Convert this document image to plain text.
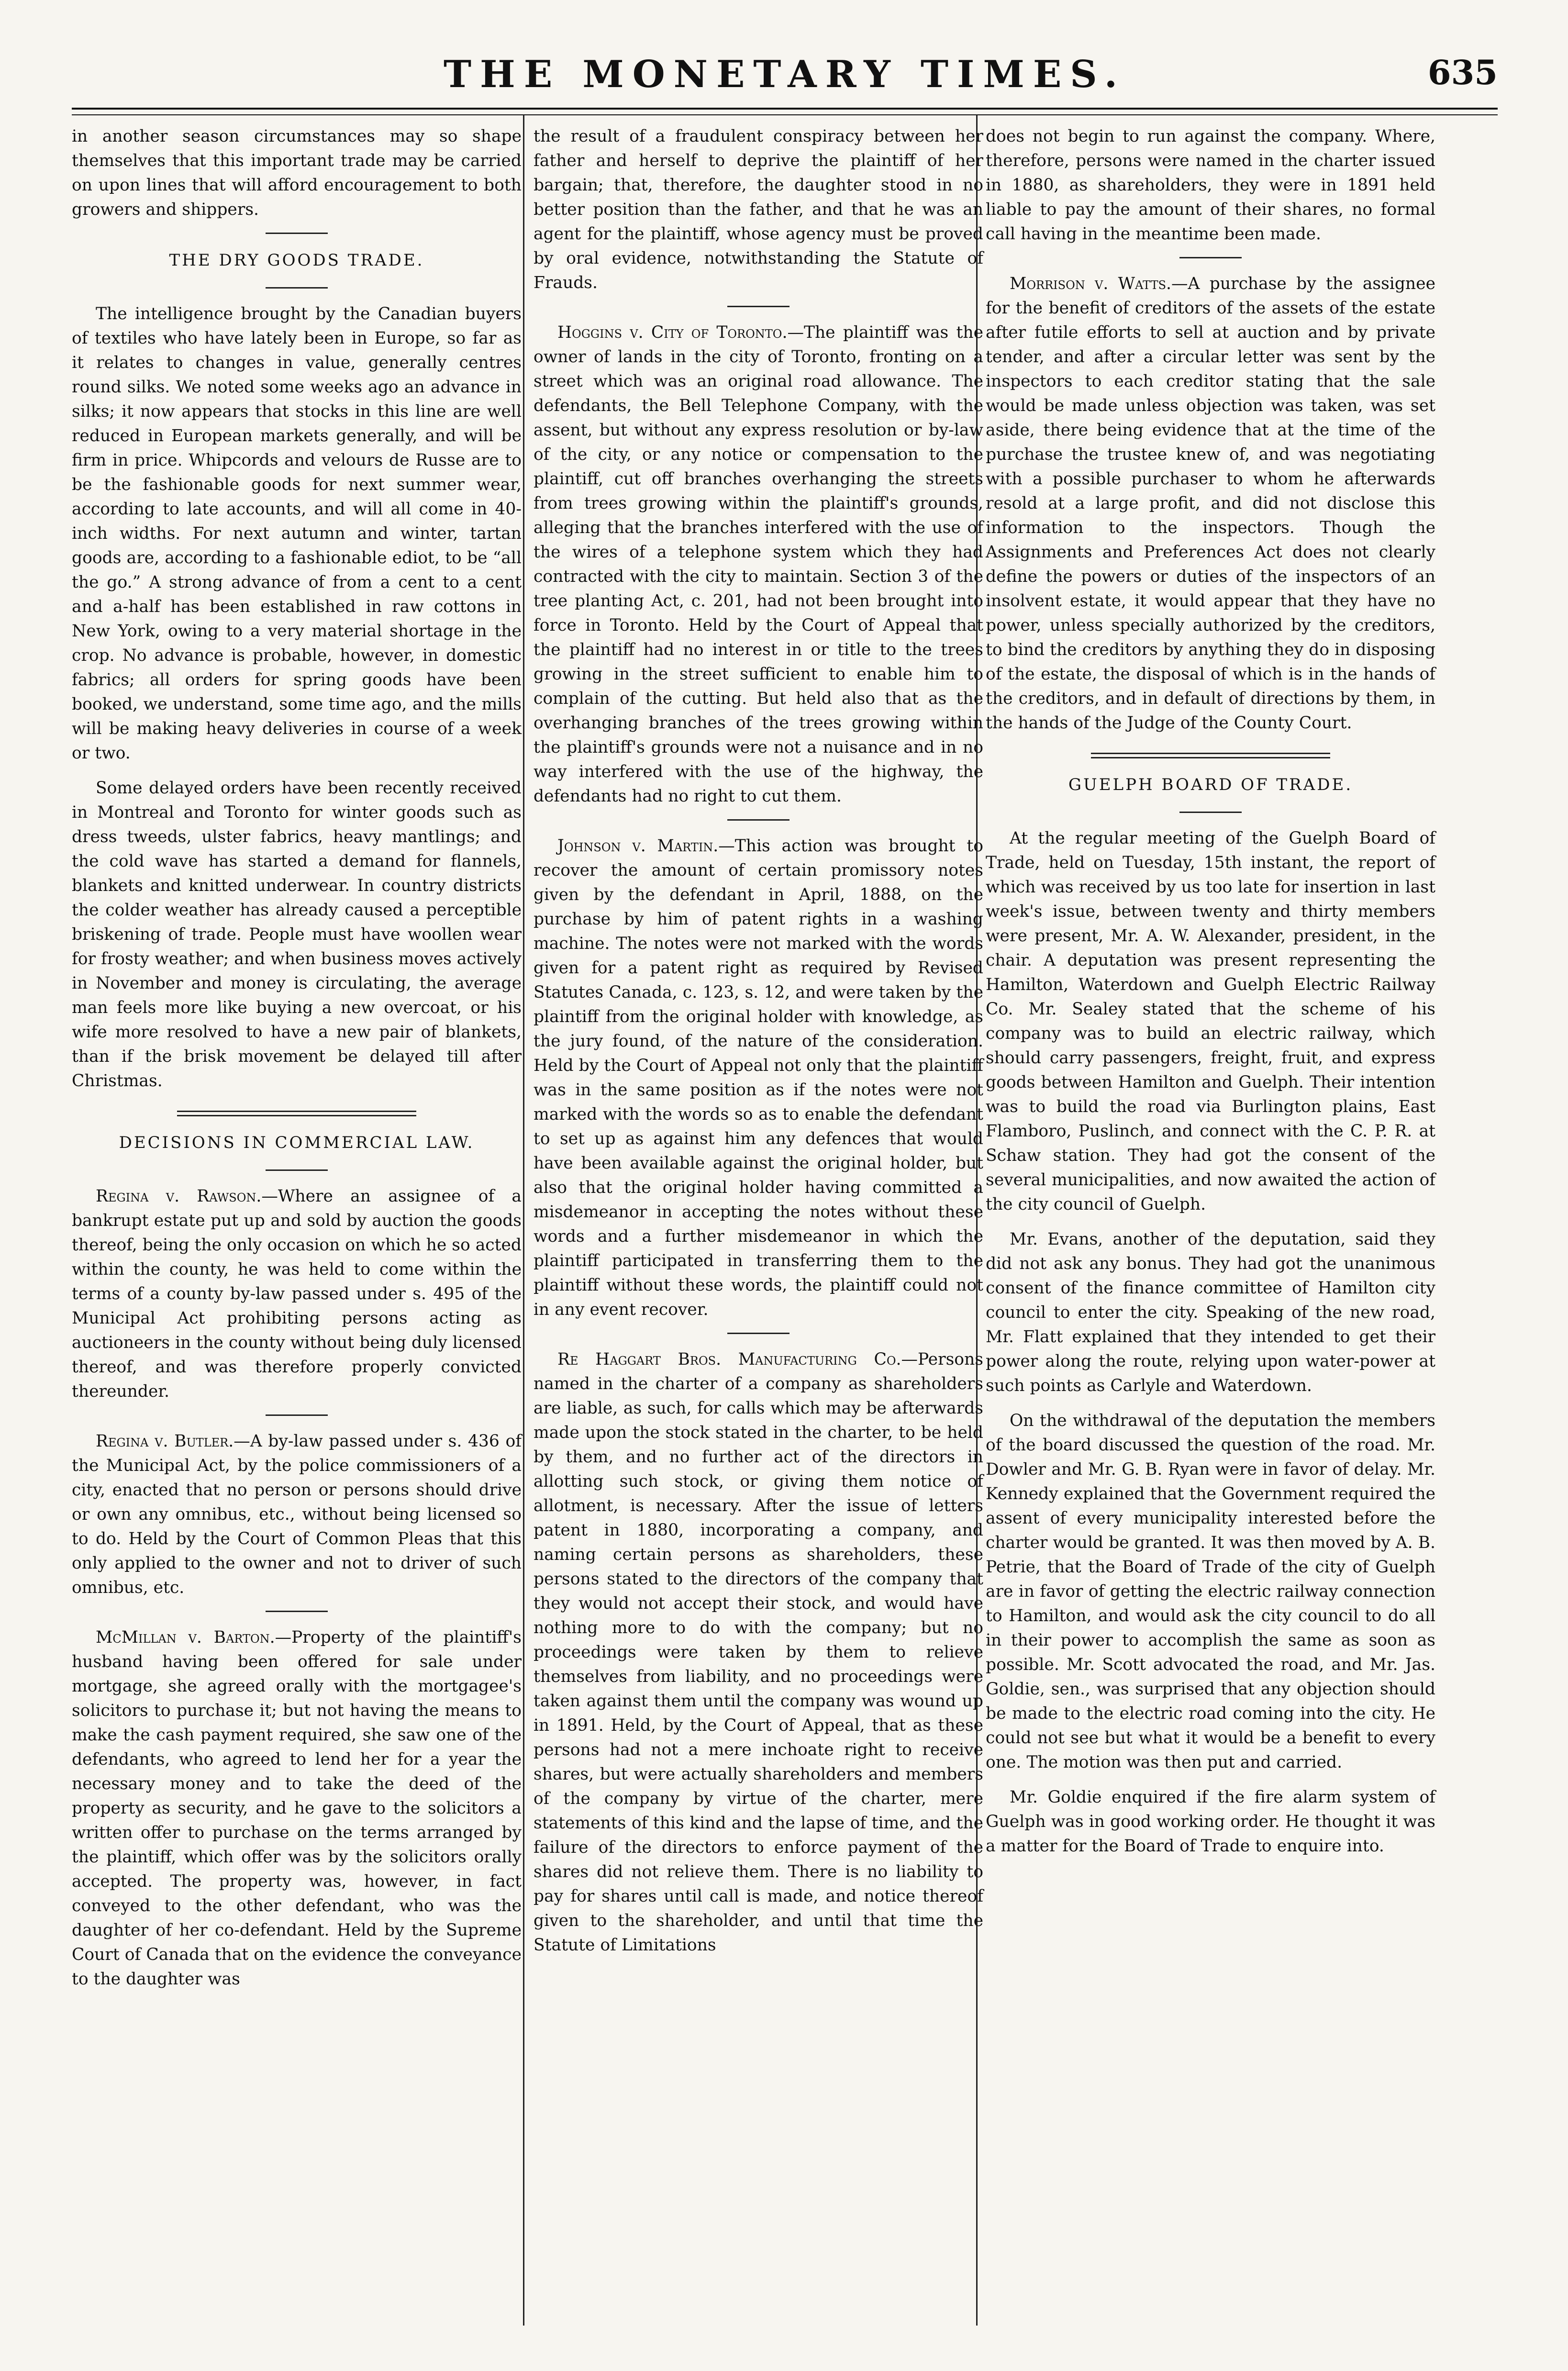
THE MONETARY TIMES.	635

in another season circumstances may so shape themselves that this important trade may be carried on upon lines that will afford encouragement to both growers and shippers.

THE DRY GOODS TRADE.

The intelligence brought by the Canadian buyers of textiles who have lately been in Europe, so far as it relates to changes in value, generally centres round silks. We noted some weeks ago an advance in silks; it now appears that stocks in this line are well reduced in European markets generally, and will be firm in price. Whipcords and velours de Russe are to be the fashionable goods for next summer wear, according to late accounts, and will all come in 40-inch widths. For next autumn and winter, tartan goods are, according to a fashionable ediot, to be “all the go.” A strong advance of from a cent to a cent and a-half has been established in raw cottons in New York, owing to a very material shortage in the crop. No advance is probable, however, in domestic fabrics; all orders for spring goods have been booked, we understand, some time ago, and the mills will be making heavy deliveries in course of a week or two.

Some delayed orders have been recently received in Montreal and Toronto for winter goods such as dress tweeds, ulster fabrics, heavy mantlings; and the cold wave has started a demand for flannels, blankets and knitted underwear. In country districts the colder weather has already caused a perceptible briskening of trade. People must have woollen wear for frosty weather; and when business moves actively in November and money is circulating, the average man feels more like buying a new overcoat, or his wife more resolved to have a new pair of blankets, than if the brisk movement be delayed till after Christmas.

DECISIONS IN COMMERCIAL LAW.

Regina v. Rawson.—Where an assignee of a bankrupt estate put up and sold by auction the goods thereof, being the only occasion on which he so acted within the county, he was held to come within the terms of a county by-law passed under s. 495 of the Municipal Act prohibiting persons acting as auctioneers in the county without being duly licensed thereof, and was therefore properly convicted thereunder.

Regina v. Butler.—A by-law passed under s. 436 of the Municipal Act, by the police commissioners of a city, enacted that no person or persons should drive or own any omnibus, etc., without being licensed so to do. Held by the Court of Common Pleas that this only applied to the owner and not to driver of such omnibus, etc.

McMillan v. Barton.—Property of the plaintiff's husband having been offered for sale under mortgage, she agreed orally with the mortgagee's solicitors to purchase it; but not having the means to make the cash payment required, she saw one of the defendants, who agreed to lend her for a year the necessary money and to take the deed of the property as security, and he gave to the solicitors a written offer to purchase on the terms arranged by the plaintiff, which offer was by the solicitors orally accepted. The property was, however, in fact conveyed to the other defendant, who was the daughter of her co-defendant. Held by the Supreme Court of Canada that on the evidence the conveyance to the daughter was

the result of a fraudulent conspiracy between her father and herself to deprive the plaintiff of her bargain; that, therefore, the daughter stood in no better position than the father, and that he was an agent for the plaintiff, whose agency must be proved by oral evidence, notwithstanding the Statute of Frauds.

Hoggins v. City of Toronto.—The plaintiff was the owner of lands in the city of Toronto, fronting on a street which was an original road allowance. The defendants, the Bell Telephone Company, with the assent, but without any express resolution or by-law of the city, or any notice or compensation to the plaintiff, cut off branches overhanging the streets from trees growing within the plaintiff's grounds, alleging that the branches interfered with the use of the wires of a telephone system which they had contracted with the city to maintain. Section 3 of the tree planting Act, c. 201, had not been brought into force in Toronto. Held by the Court of Appeal that the plaintiff had no interest in or title to the trees growing in the street sufficient to enable him to complain of the cutting. But held also that as the overhanging branches of the trees growing within the plaintiff's grounds were not a nuisance and in no way interfered with the use of the highway, the defendants had no right to cut them.

Johnson v. Martin.—This action was brought to recover the amount of certain promissory notes given by the defendant in April, 1888, on the purchase by him of patent rights in a washing machine. The notes were not marked with the words given for a patent right as required by Revised Statutes Canada, c. 123, s. 12, and were taken by the plaintiff from the original holder with knowledge, as the jury found, of the nature of the consideration. Held by the Court of Appeal not only that the plaintiff was in the same position as if the notes were not marked with the words so as to enable the defendant to set up as against him any defences that would have been available against the original holder, but also that the original holder having committed a misdemeanor in accepting the notes without these words and a further misdemeanor in which the plaintiff participated in transferring them to the plaintiff without these words, the plaintiff could not in any event recover.

Re Haggart Bros. Manufacturing Co.—Persons named in the charter of a company as shareholders are liable, as such, for calls which may be afterwards made upon the stock stated in the charter, to be held by them, and no further act of the directors in allotting such stock, or giving them notice of allotment, is necessary. After the issue of letters patent in 1880, incorporating a company, and naming certain persons as shareholders, these persons stated to the directors of the company that they would not accept their stock, and would have nothing more to do with the company; but no proceedings were taken by them to relieve themselves from liability, and no proceedings were taken against them until the company was wound up in 1891. Held, by the Court of Appeal, that as these persons had not a mere inchoate right to receive shares, but were actually shareholders and members of the company by virtue of the charter, mere statements of this kind and the lapse of time, and the failure of the directors to enforce payment of the shares did not relieve them. There is no liability to pay for shares until call is made, and notice thereof given to the shareholder, and until that time the Statute of Limitations

does not begin to run against the company. Where, therefore, persons were named in the charter issued in 1880, as shareholders, they were in 1891 held liable to pay the amount of their shares, no formal call having in the meantime been made.

Morrison v. Watts.—A purchase by the assignee for the benefit of creditors of the assets of the estate after futile efforts to sell at auction and by private tender, and after a circular letter was sent by the inspectors to each creditor stating that the sale would be made unless objection was taken, was set aside, there being evidence that at the time of the purchase the trustee knew of, and was negotiating with a possible purchaser to whom he afterwards resold at a large profit, and did not disclose this information to the inspectors. Though the Assignments and Preferences Act does not clearly define the powers or duties of the inspectors of an insolvent estate, it would appear that they have no power, unless specially authorized by the creditors, to bind the creditors by anything they do in disposing of the estate, the disposal of which is in the hands of the creditors, and in default of directions by them, in the hands of the Judge of the County Court.

GUELPH BOARD OF TRADE.

At the regular meeting of the Guelph Board of Trade, held on Tuesday, 15th instant, the report of which was received by us too late for insertion in last week's issue, between twenty and thirty members were present, Mr. A. W. Alexander, president, in the chair. A deputation was present representing the Hamilton, Waterdown and Guelph Electric Railway Co. Mr. Sealey stated that the scheme of his company was to build an electric railway, which should carry passengers, freight, fruit, and express goods between Hamilton and Guelph. Their intention was to build the road via Burlington plains, East Flamboro, Puslinch, and connect with the C. P. R. at Schaw station. They had got the consent of the several municipalities, and now awaited the action of the city council of Guelph.

Mr. Evans, another of the deputation, said they did not ask any bonus. They had got the unanimous consent of the finance committee of Hamilton city council to enter the city. Speaking of the new road, Mr. Flatt explained that they intended to get their power along the route, relying upon water-power at such points as Carlyle and Waterdown.

On the withdrawal of the deputation the members of the board discussed the question of the road. Mr. Dowler and Mr. G. B. Ryan were in favor of delay. Mr. Kennedy explained that the Government required the assent of every municipality interested before the charter would be granted. It was then moved by A. B. Petrie, that the Board of Trade of the city of Guelph are in favor of getting the electric railway connection to Hamilton, and would ask the city council to do all in their power to accomplish the same as soon as possible. Mr. Scott advocated the road, and Mr. Jas. Goldie, sen., was surprised that any objection should be made to the electric road coming into the city. He could not see but what it would be a benefit to every one. The motion was then put and carried.

Mr. Goldie enquired if the fire alarm system of Guelph was in good working order. He thought it was a matter for the Board of Trade to enquire into.
